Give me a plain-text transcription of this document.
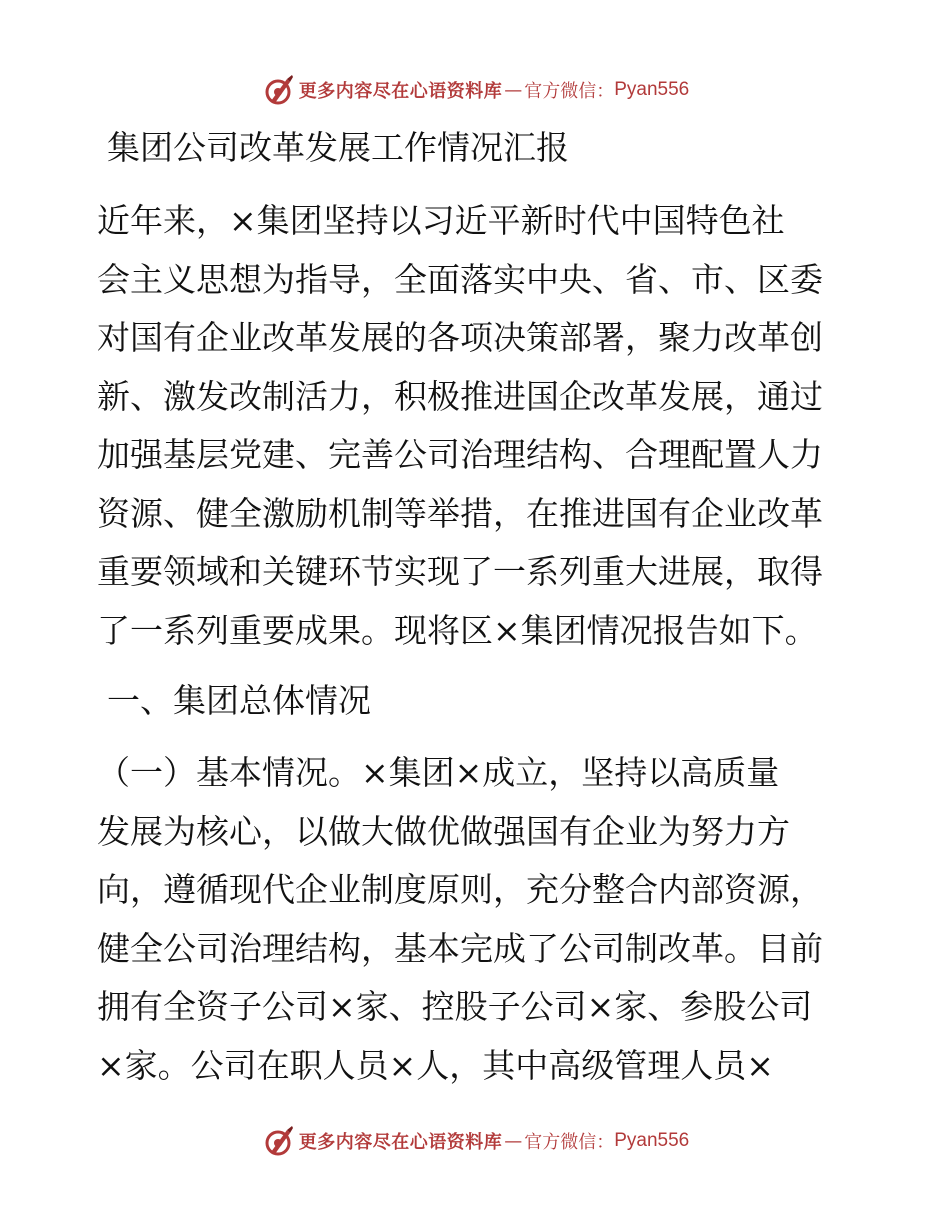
更多内容尽在心语资料库 — 官方微信： Pyan556
集团公司改革发展工作情况汇报

近年来，×集团坚持以习近平新时代中国特色社
会主义思想为指导，全面落实中央、省、市、区委
对国有企业改革发展的各项决策部署，聚力改革创
新、激发改制活力，积极推进国企改革发展，通过
加强基层党建、完善公司治理结构、合理配置人力
资源、健全激励机制等举措，在推进国有企业改革
重要领域和关键环节实现了一系列重大进展，取得
了一系列重要成果。现将区×集团情况报告如下。

一、集团总体情况

（一）基本情况。×集团×成立，坚持以高质量
发展为核心，以做大做优做强国有企业为努力方
向，遵循现代企业制度原则，充分整合内部资源，
健全公司治理结构，基本完成了公司制改革。目前
拥有全资子公司×家、控股子公司×家、参股公司
×家。公司在职人员×人，其中高级管理人员×

更多内容尽在心语资料库 — 官方微信： Pyan556
